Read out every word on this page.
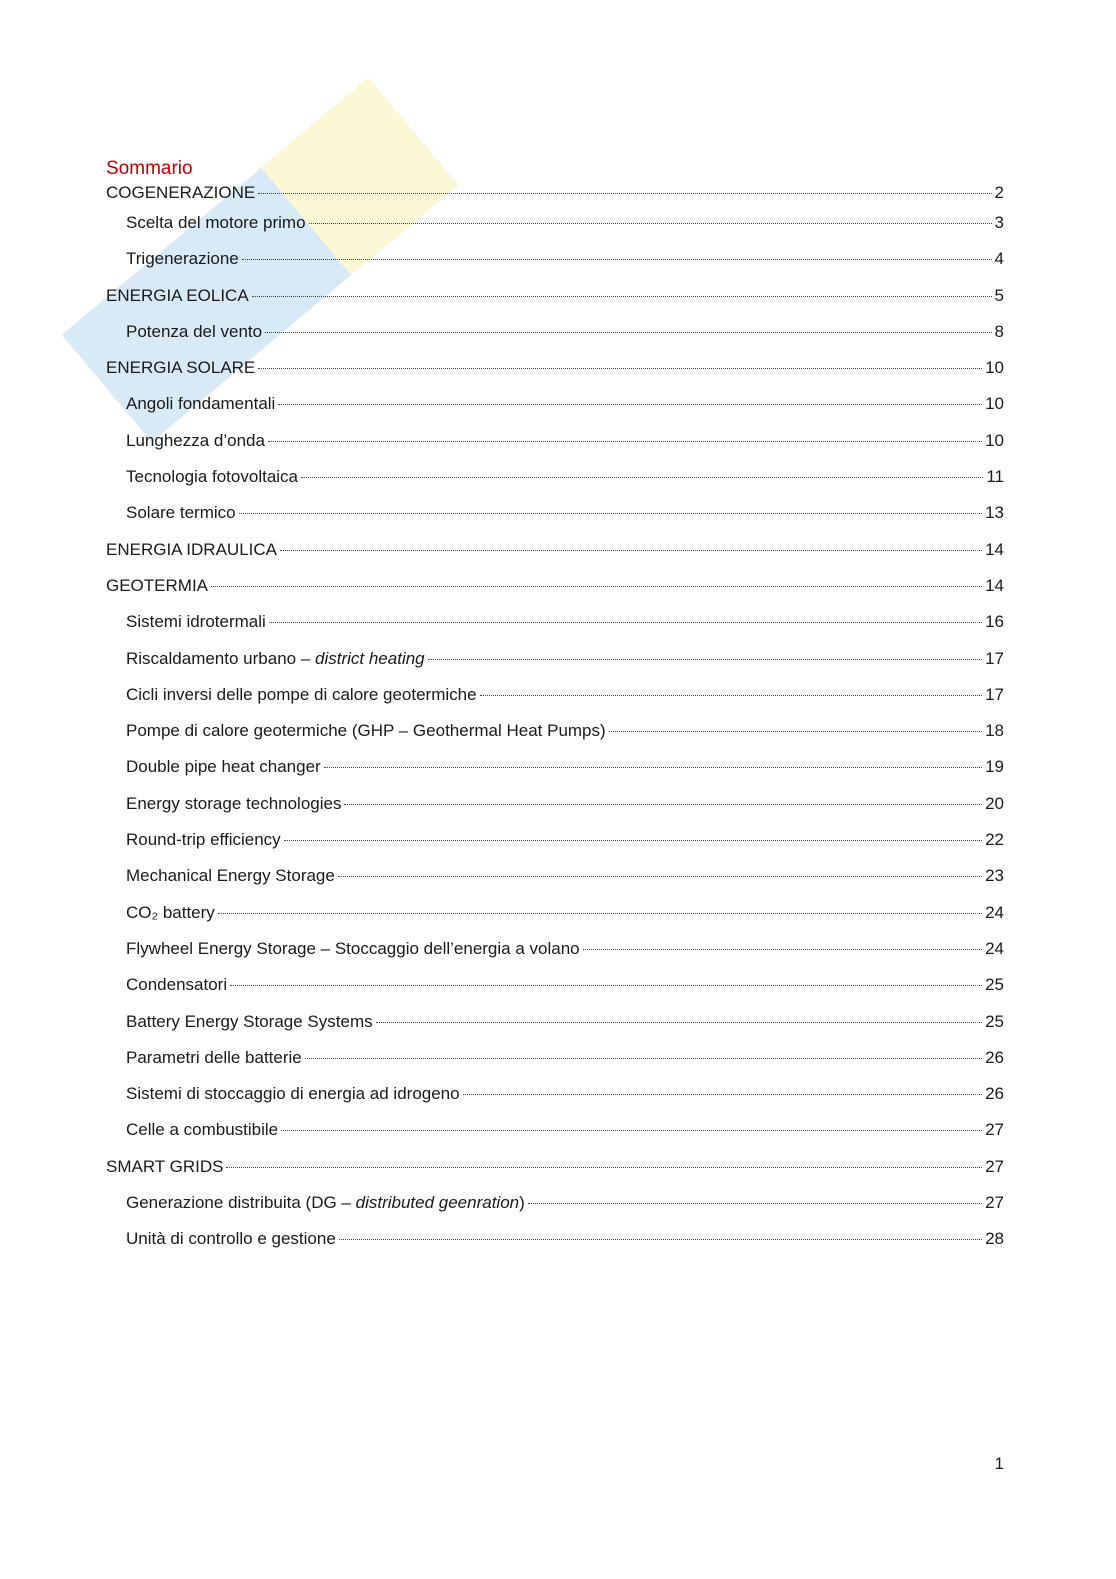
Sommario
COGENERAZIONE	2
Scelta del motore primo	3
Trigenerazione	4
ENERGIA EOLICA	5
Potenza del vento	8
ENERGIA SOLARE	10
Angoli fondamentali	10
Lunghezza d’onda	10
Tecnologia fotovoltaica	11
Solare termico	13
ENERGIA IDRAULICA	14
GEOTERMIA	14
Sistemi idrotermali	16
Riscaldamento urbano – district heating	17
Cicli inversi delle pompe di calore geotermiche	17
Pompe di calore geotermiche (GHP – Geothermal Heat Pumps)	18
Double pipe heat changer	19
Energy storage technologies	20
Round-trip efficiency	22
Mechanical Energy Storage	23
CO₂ battery	24
Flywheel Energy Storage – Stoccaggio dell’energia a volano	24
Condensatori	25
Battery Energy Storage Systems	25
Parametri delle batterie	26
Sistemi di stoccaggio di energia ad idrogeno	26
Celle a combustibile	27
SMART GRIDS	27
Generazione distribuita (DG – distributed geenration)	27
Unità di controllo e gestione	28
1
